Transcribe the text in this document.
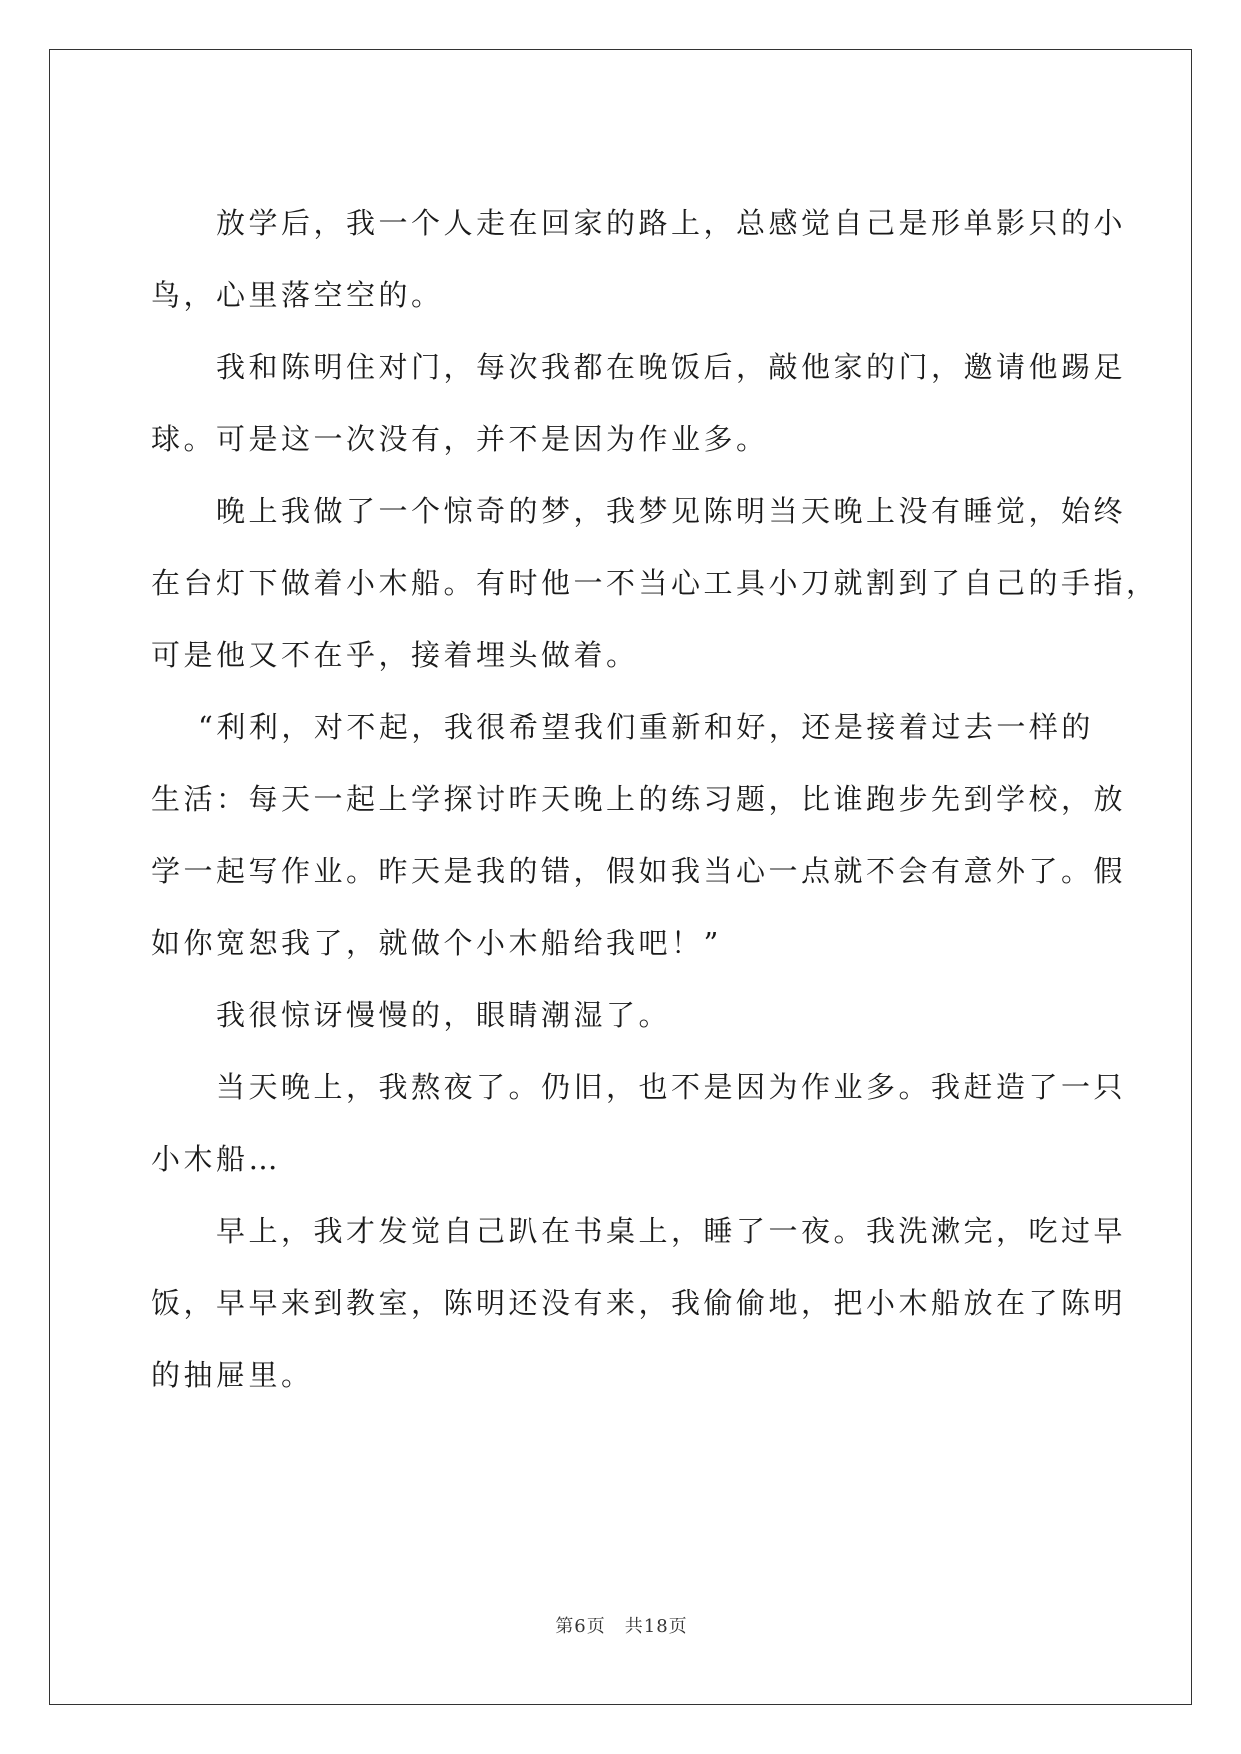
放学后，我一个人走在回家的路上，总感觉自己是形单影只的小
鸟，心里落空空的。
我和陈明住对门，每次我都在晚饭后，敲他家的门，邀请他踢足
球。可是这一次没有，并不是因为作业多。
晚上我做了一个惊奇的梦，我梦见陈明当天晚上没有睡觉，始终
在台灯下做着小木船。有时他一不当心工具小刀就割到了自己的手指，
可是他又不在乎，接着埋头做着。
“利利，对不起，我很希望我们重新和好，还是接着过去一样的
生活：每天一起上学探讨昨天晚上的练习题，比谁跑步先到学校，放
学一起写作业。昨天是我的错，假如我当心一点就不会有意外了。假
如你宽恕我了，就做个小木船给我吧！”
我很惊讶慢慢的，眼睛潮湿了。
当天晚上，我熬夜了。仍旧，也不是因为作业多。我赶造了一只
小木船…
早上，我才发觉自己趴在书桌上，睡了一夜。我洗漱完，吃过早
饭，早早来到教室，陈明还没有来，我偷偷地，把小木船放在了陈明
的抽屉里。
第6页　共18页
